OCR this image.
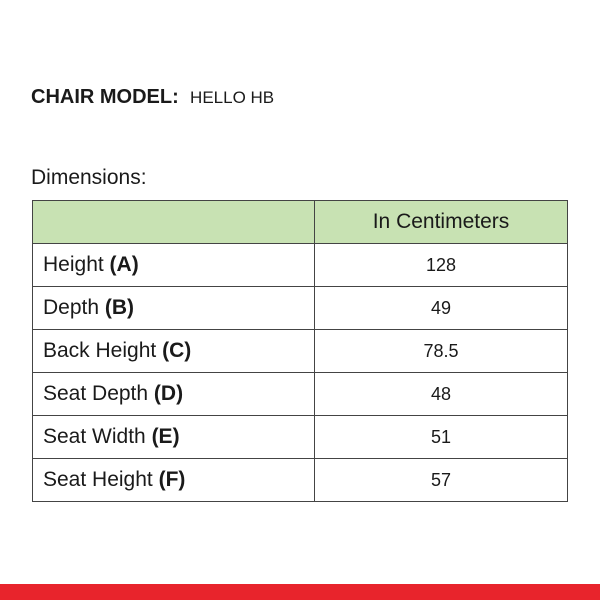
CHAIR MODEL: HELLO HB
Dimensions:
	In Centimeters
Height (A)	128
Depth (B)	49
Back Height (C)	78.5
Seat Depth (D)	48
Seat Width (E)	51
Seat Height (F)	57
